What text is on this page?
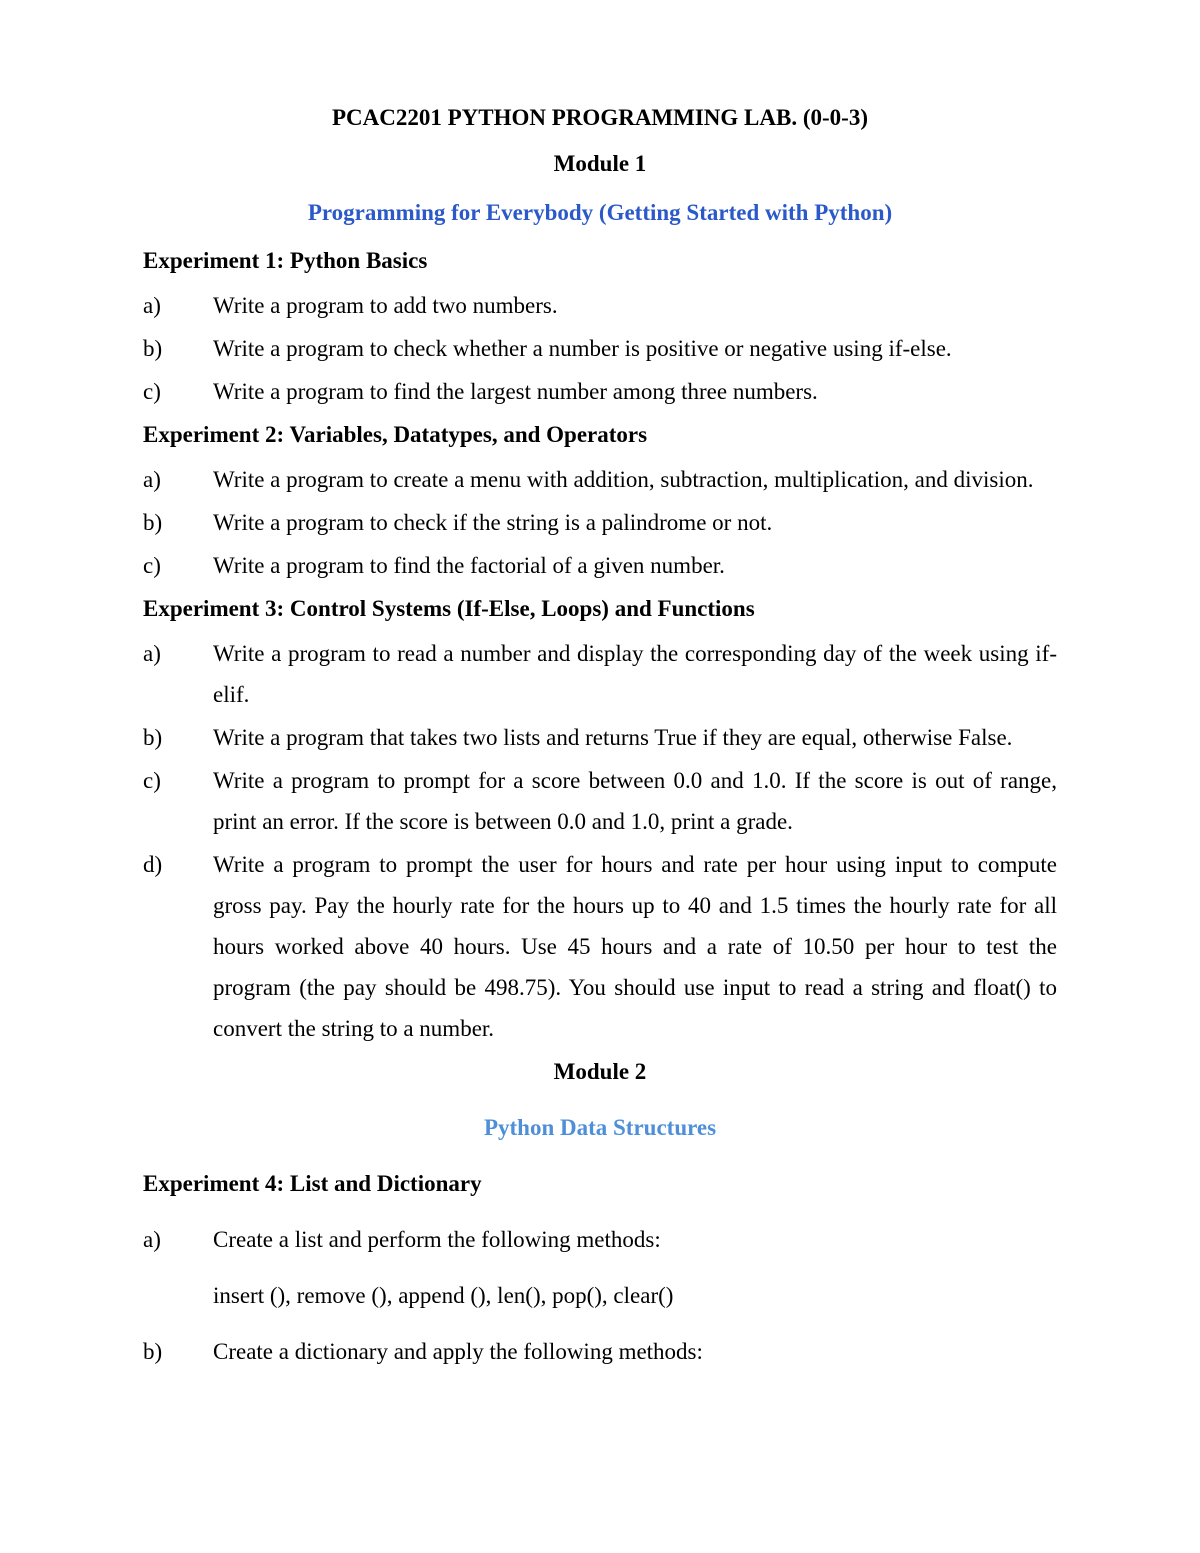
PCAC2201 PYTHON PROGRAMMING LAB. (0-0-3)
Module 1
Programming for Everybody (Getting Started with Python)
Experiment 1: Python Basics
a) Write a program to add two numbers.
b) Write a program to check whether a number is positive or negative using if-else.
c) Write a program to find the largest number among three numbers.
Experiment 2: Variables, Datatypes, and Operators
a) Write a program to create a menu with addition, subtraction, multiplication, and division.
b) Write a program to check if the string is a palindrome or not.
c) Write a program to find the factorial of a given number.
Experiment 3: Control Systems (If-Else, Loops) and Functions
a) Write a program to read a number and display the corresponding day of the week using if-elif.
b) Write a program that takes two lists and returns True if they are equal, otherwise False.
c) Write a program to prompt for a score between 0.0 and 1.0. If the score is out of range, print an error. If the score is between 0.0 and 1.0, print a grade.
d) Write a program to prompt the user for hours and rate per hour using input to compute gross pay. Pay the hourly rate for the hours up to 40 and 1.5 times the hourly rate for all hours worked above 40 hours. Use 45 hours and a rate of 10.50 per hour to test the program (the pay should be 498.75). You should use input to read a string and float() to convert the string to a number.
Module 2
Python Data Structures
Experiment 4: List and Dictionary
a) Create a list and perform the following methods:
insert (), remove (), append (), len(), pop(), clear()
b) Create a dictionary and apply the following methods:
